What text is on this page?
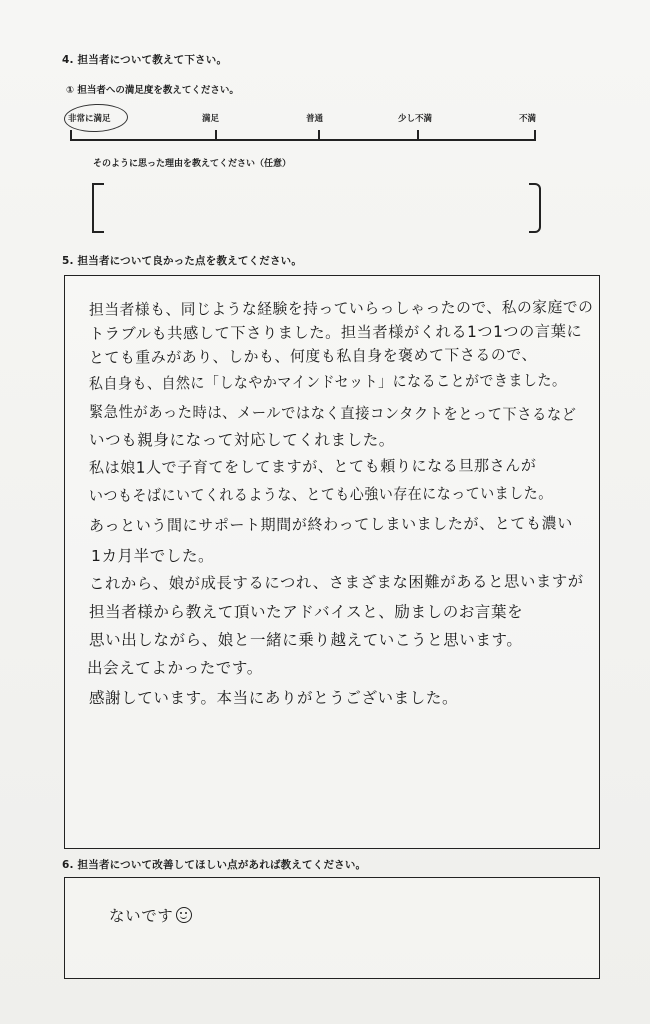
4. 担当者について教えて下さい。
① 担当者への満足度を教えてください。
非常に満足	満足	普通	少し不満	不満
そのように思った理由を教えてください（任意）
5. 担当者について良かった点を教えてください。
担当者様も、同じような経験を持っていらっしゃったので、私の家庭での
トラブルも共感して下さりました。担当者様がくれる1つ1つの言葉に
とても重みがあり、しかも、何度も私自身を褒めて下さるので、
私自身も、自然に「しなやかマインドセット」になることができました。
緊急性があった時は、メールではなく直接コンタクトをとって下さるなど
いつも親身になって対応してくれました。
私は娘1人で子育てをしてますが、とても頼りになる旦那さんが
いつもそばにいてくれるような、とても心強い存在になっていました。
あっという間にサポート期間が終わってしまいましたが、とても濃い
1カ月半でした。
これから、娘が成長するにつれ、さまざまな困難があると思いますが
担当者様から教えて頂いたアドバイスと、励ましのお言葉を
思い出しながら、娘と一緒に乗り越えていこうと思います。
出会えてよかったです。
感謝しています。本当にありがとうございました。
6. 担当者について改善してほしい点があれば教えてください。
ないです
